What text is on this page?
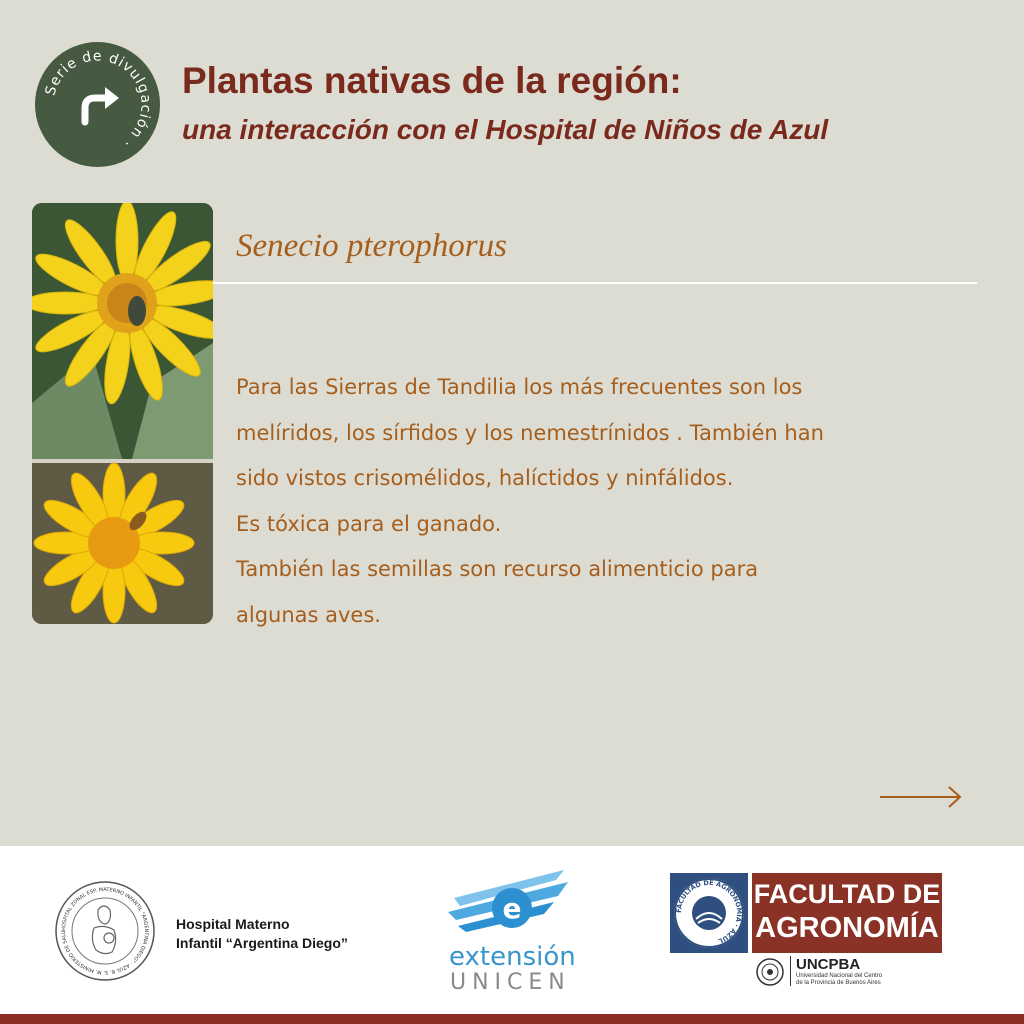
Serie de divulgación ·
Plantas nativas de la región:
una interacción con el Hospital de Niños de Azul
Senecio pterophorus
Para las Sierras de Tandilia los más frecuentes son los
melíridos, los sírfidos y los nemestrínidos . También han
sido vistos crisomélidos, halíctidos y ninfálidos.
Es tóxica para el ganado.
También las semillas son recurso alimenticio para
algunas aves.
HOSPITAL ZONAL ESP. MATERNO INFANTIL "ARGENTINA DIEGO" · AZUL B. S. M. MINISTERIO DE SALU
Hospital Materno
Infantil “Argentina Diego”
e
extensión
UNICEN
FACULTAD DE AGRONOMÍA · AZUL
FACULTAD DE
AGRONOMÍA
UNCPBA
Universidad Nacional del Centro
de la Provincia de Buenos Aires
